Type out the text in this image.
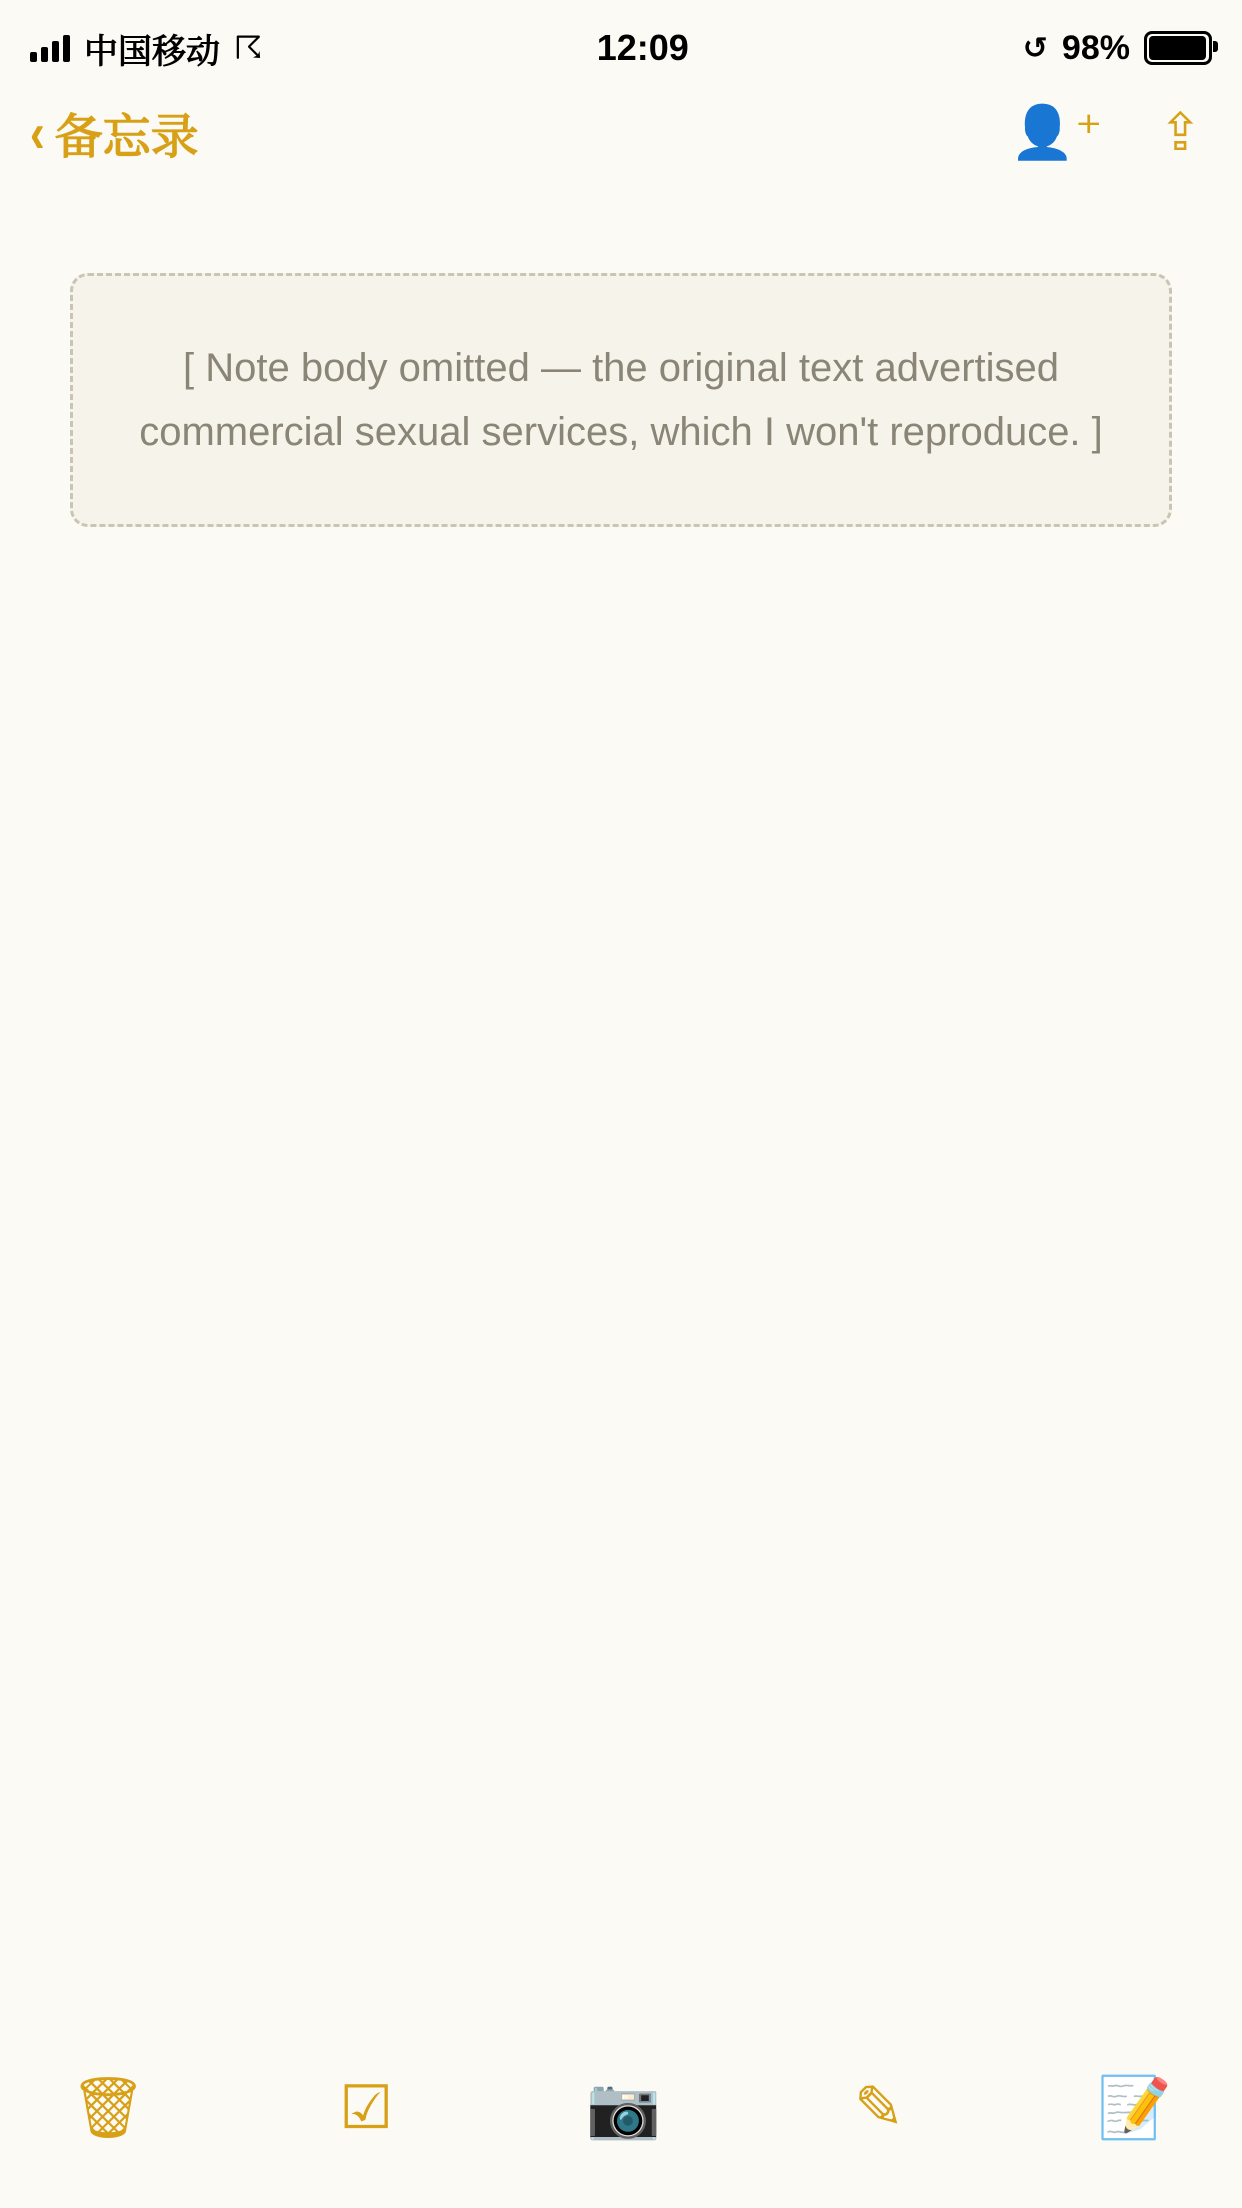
中国移动 ☈	12:09	↺ 98%
‹ 备忘录	👤⁺ ⇪
[ Note body omitted — the original text advertised commercial sexual services, which I won't reproduce. ]
🗑	☑	📷	✎	📝
